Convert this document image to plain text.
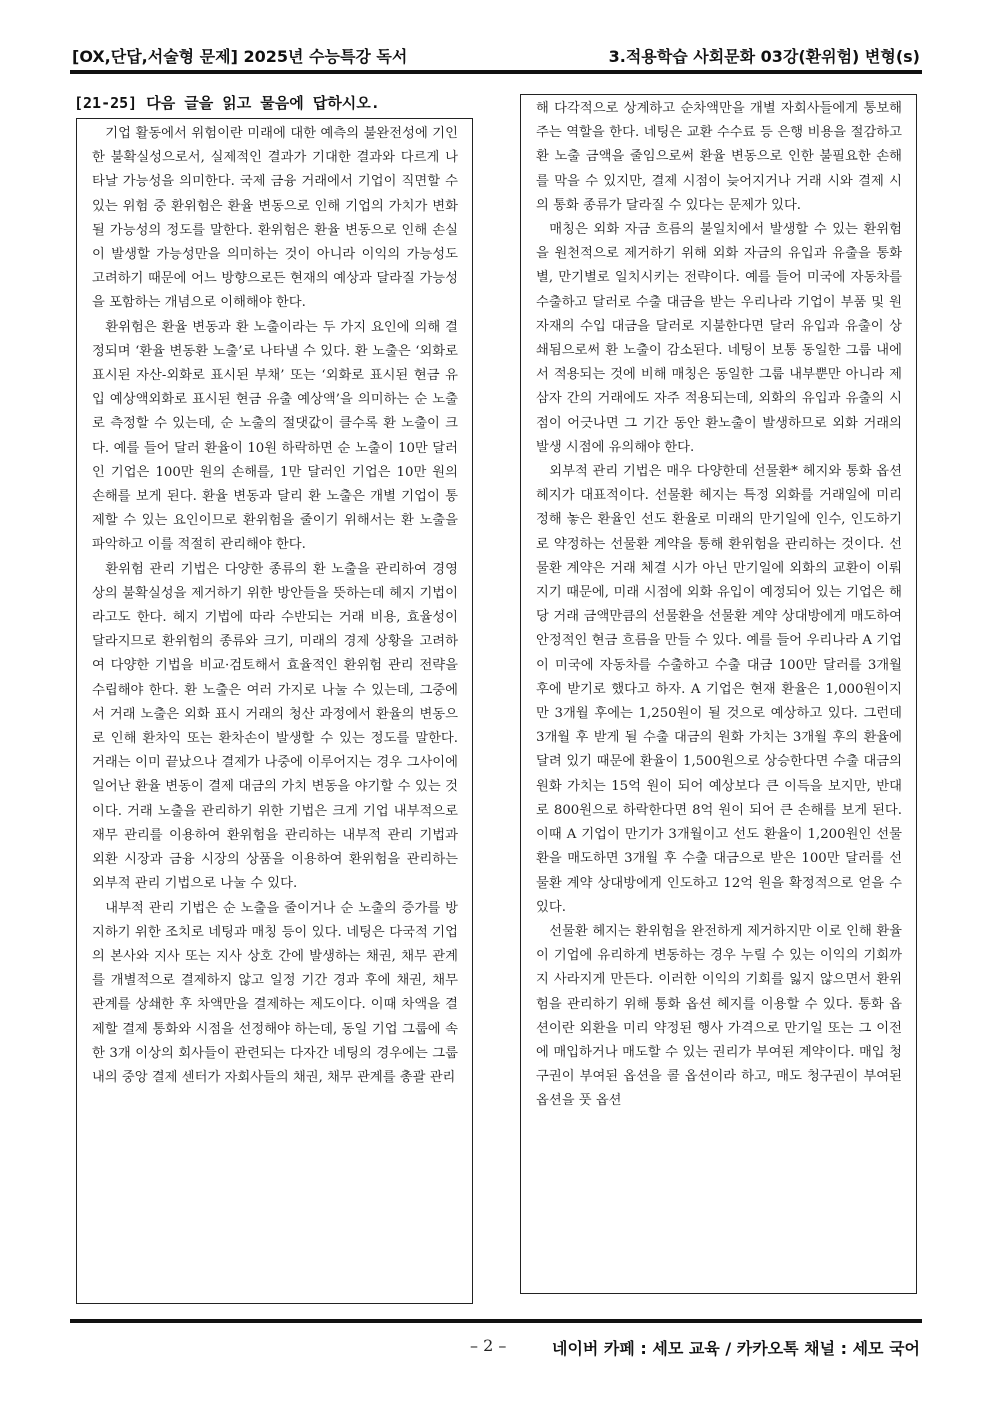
[OX,단답,서술형 문제] 2025년 수능특강 독서	3.적용학습 사회문화 03강(환위험) 변형(s)
[21-25] 다음 글을 읽고 물음에 답하시오.

기업 활동에서 위험이란 미래에 대한 예측의 불완전성에 기인한 불확실성으로서, 실제적인 결과가 기대한 결과와 다르게 나타날 가능성을 의미한다. 국제 금융 거래에서 기업이 직면할 수 있는 위험 중 환위험은 환율 변동으로 인해 기업의 가치가 변화될 가능성의 정도를 말한다. 환위험은 환율 변동으로 인해 손실이 발생할 가능성만을 의미하는 것이 아니라 이익의 가능성도 고려하기 때문에 어느 방향으로든 현재의 예상과 달라질 가능성을 포함하는 개념으로 이해해야 한다.

환위험은 환율 변동과 환 노출이라는 두 가지 요인에 의해 결정되며 ‘환율 변동환 노출’로 나타낼 수 있다. 환 노출은 ‘외화로 표시된 자산-외화로 표시된 부채’ 또는 ‘외화로 표시된 현금 유입 예상액외화로 표시된 현금 유출 예상액’을 의미하는 순 노출로 측정할 수 있는데, 순 노출의 절댓값이 클수록 환 노출이 크다. 예를 들어 달러 환율이 10원 하락하면 순 노출이 10만 달러인 기업은 100만 원의 손해를, 1만 달러인 기업은 10만 원의 손해를 보게 된다. 환율 변동과 달리 환 노출은 개별 기업이 통제할 수 있는 요인이므로 환위험을 줄이기 위해서는 환 노출을 파악하고 이를 적절히 관리해야 한다.

환위험 관리 기법은 다양한 종류의 환 노출을 관리하여 경영상의 불확실성을 제거하기 위한 방안들을 뜻하는데 헤지 기법이라고도 한다. 헤지 기법에 따라 수반되는 거래 비용, 효율성이 달라지므로 환위험의 종류와 크기, 미래의 경제 상황을 고려하여 다양한 기법을 비교·검토해서 효율적인 환위험 관리 전략을 수립해야 한다. 환 노출은 여러 가지로 나눌 수 있는데, 그중에서 거래 노출은 외화 표시 거래의 청산 과정에서 환율의 변동으로 인해 환차익 또는 환차손이 발생할 수 있는 정도를 말한다. 거래는 이미 끝났으나 결제가 나중에 이루어지는 경우 그사이에 일어난 환율 변동이 결제 대금의 가치 변동을 야기할 수 있는 것이다. 거래 노출을 관리하기 위한 기법은 크게 기업 내부적으로 재무 관리를 이용하여 환위험을 관리하는 내부적 관리 기법과 외환 시장과 금융 시장의 상품을 이용하여 환위험을 관리하는 외부적 관리 기법으로 나눌 수 있다.

내부적 관리 기법은 순 노출을 줄이거나 순 노출의 증가를 방지하기 위한 조치로 네팅과 매칭 등이 있다. 네팅은 다국적 기업의 본사와 지사 또는 지사 상호 간에 발생하는 채권, 채무 관계를 개별적으로 결제하지 않고 일정 기간 경과 후에 채권, 채무 관계를 상쇄한 후 차액만을 결제하는 제도이다. 이때 차액을 결제할 결제 통화와 시점을 선정해야 하는데, 동일 기업 그룹에 속한 3개 이상의 회사들이 관련되는 다자간 네팅의 경우에는 그룹 내의 중앙 결제 센터가 자회사들의 채권, 채무 관계를 총괄 관리

해 다각적으로 상계하고 순차액만을 개별 자회사들에게 통보해 주는 역할을 한다. 네팅은 교환 수수료 등 은행 비용을 절감하고 환 노출 금액을 줄임으로써 환율 변동으로 인한 불필요한 손해를 막을 수 있지만, 결제 시점이 늦어지거나 거래 시와 결제 시의 통화 종류가 달라질 수 있다는 문제가 있다.

매칭은 외화 자금 흐름의 불일치에서 발생할 수 있는 환위험을 원천적으로 제거하기 위해 외화 자금의 유입과 유출을 통화별, 만기별로 일치시키는 전략이다. 예를 들어 미국에 자동차를 수출하고 달러로 수출 대금을 받는 우리나라 기업이 부품 및 원자재의 수입 대금을 달러로 지불한다면 달러 유입과 유출이 상쇄됨으로써 환 노출이 감소된다. 네팅이 보통 동일한 그룹 내에서 적용되는 것에 비해 매칭은 동일한 그룹 내부뿐만 아니라 제삼자 간의 거래에도 자주 적용되는데, 외화의 유입과 유출의 시점이 어긋나면 그 기간 동안 환노출이 발생하므로 외화 거래의 발생 시점에 유의해야 한다.

외부적 관리 기법은 매우 다양한데 선물환* 헤지와 통화 옵션 헤지가 대표적이다. 선물환 헤지는 특정 외화를 거래일에 미리 정해 놓은 환율인 선도 환율로 미래의 만기일에 인수, 인도하기로 약정하는 선물환 계약을 통해 환위험을 관리하는 것이다. 선물환 계약은 거래 체결 시가 아닌 만기일에 외화의 교환이 이뤄지기 때문에, 미래 시점에 외화 유입이 예정되어 있는 기업은 해당 거래 금액만큼의 선물환을 선물환 계약 상대방에게 매도하여 안정적인 현금 흐름을 만들 수 있다. 예를 들어 우리나라 A 기업이 미국에 자동차를 수출하고 수출 대금 100만 달러를 3개월 후에 받기로 했다고 하자. A 기업은 현재 환율은 1,000원이지만 3개월 후에는 1,250원이 될 것으로 예상하고 있다. 그런데 3개월 후 받게 될 수출 대금의 원화 가치는 3개월 후의 환율에 달려 있기 때문에 환율이 1,500원으로 상승한다면 수출 대금의 원화 가치는 15억 원이 되어 예상보다 큰 이득을 보지만, 반대로 800원으로 하락한다면 8억 원이 되어 큰 손해를 보게 된다. 이때 A 기업이 만기가 3개월이고 선도 환율이 1,200원인 선물환을 매도하면 3개월 후 수출 대금으로 받은 100만 달러를 선물환 계약 상대방에게 인도하고 12억 원을 확정적으로 얻을 수 있다.

선물환 헤지는 환위험을 완전하게 제거하지만 이로 인해 환율이 기업에 유리하게 변동하는 경우 누릴 수 있는 이익의 기회까지 사라지게 만든다. 이러한 이익의 기회를 잃지 않으면서 환위험을 관리하기 위해 통화 옵션 헤지를 이용할 수 있다. 통화 옵션이란 외환을 미리 약정된 행사 가격으로 만기일 또는 그 이전에 매입하거나 매도할 수 있는 권리가 부여된 계약이다. 매입 청구권이 부여된 옵션을 콜 옵션이라 하고, 매도 청구권이 부여된 옵션을 풋 옵션

– 2 –	네이버 카페 : 세모 교육 / 카카오톡 채널 : 세모 국어
